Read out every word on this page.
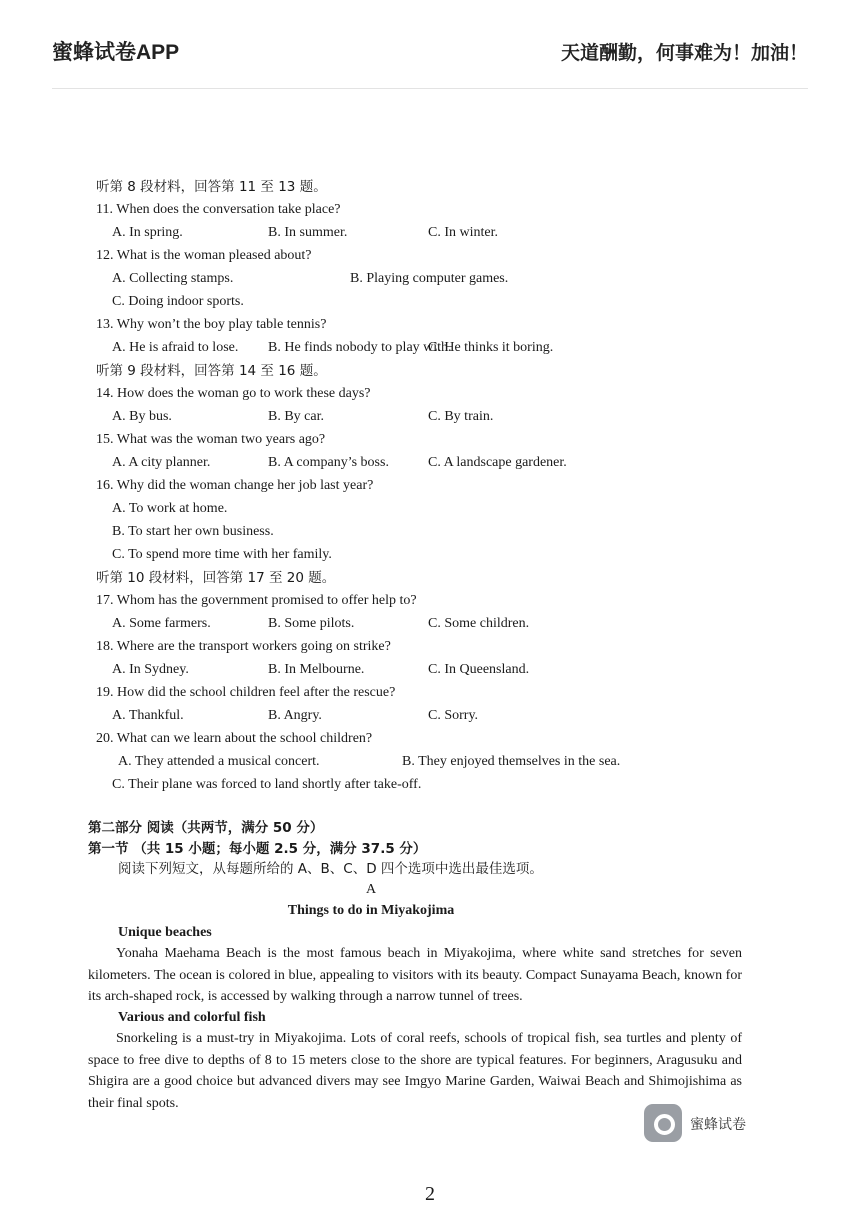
蜜蜂试卷APP	天道酬勤，何事难为！加油！
听第 8 段材料，回答第 11 至 13 题。
11. When does the conversation take place?
A. In spring.	B. In summer.	C. In winter.
12. What is the woman pleased about?
A. Collecting stamps.	B. Playing computer games.
C. Doing indoor sports.
13. Why won’t the boy play table tennis?
A. He is afraid to lose. B. He finds nobody to play with.
C. He thinks it boring.
听第 9 段材料，回答第 14 至 16 题。
14. How does the woman go to work these days?
A. By bus.	B. By car.	C. By train.
15. What was the woman two years ago?
A. A city planner.	B. A company’s boss.	C. A landscape gardener.
16. Why did the woman change her job last year?
A. To work at home.
B. To start her own business.
C. To spend more time with her family.
听第 10 段材料，回答第 17 至 20 题。
17. Whom has the government promised to offer help to?
A. Some farmers.	B. Some pilots.	C. Some children.
18. Where are the transport workers going on strike?
A. In Sydney.	B. In Melbourne.	C. In Queensland.
19. How did the school children feel after the rescue?
A. Thankful.	B. Angry.	C. Sorry.
20. What can we learn about the school children?
A. They attended a musical concert.	B. They enjoyed themselves in the sea.
C. Their plane was forced to land shortly after take-off.
第二部分 阅读（共两节，满分 50 分）
第一节 （共 15 小题；每小题 2.5 分，满分 37.5 分）
阅读下列短文，从每题所给的 A、B、C、D 四个选项中选出最佳选项。
A
Things to do in Miyakojima
Unique beaches
Yonaha Maehama Beach is the most famous beach in Miyakojima, where white sand stretches for seven kilometers. The ocean is colored in blue, appealing to visitors with its beauty. Compact Sunayama Beach, known for its arch-shaped rock, is accessed by walking through a narrow tunnel of trees.
Various and colorful fish
Snorkeling is a must-try in Miyakojima. Lots of coral reefs, schools of tropical fish, sea turtles and plenty of space to free dive to depths of 8 to 15 meters close to the shore are typical features. For beginners, Aragusuku and Shigira are a good choice but advanced divers may see Imgyo Marine Garden, Waiwai Beach and Shimojishima as their final spots.
蜜蜂试卷
2
